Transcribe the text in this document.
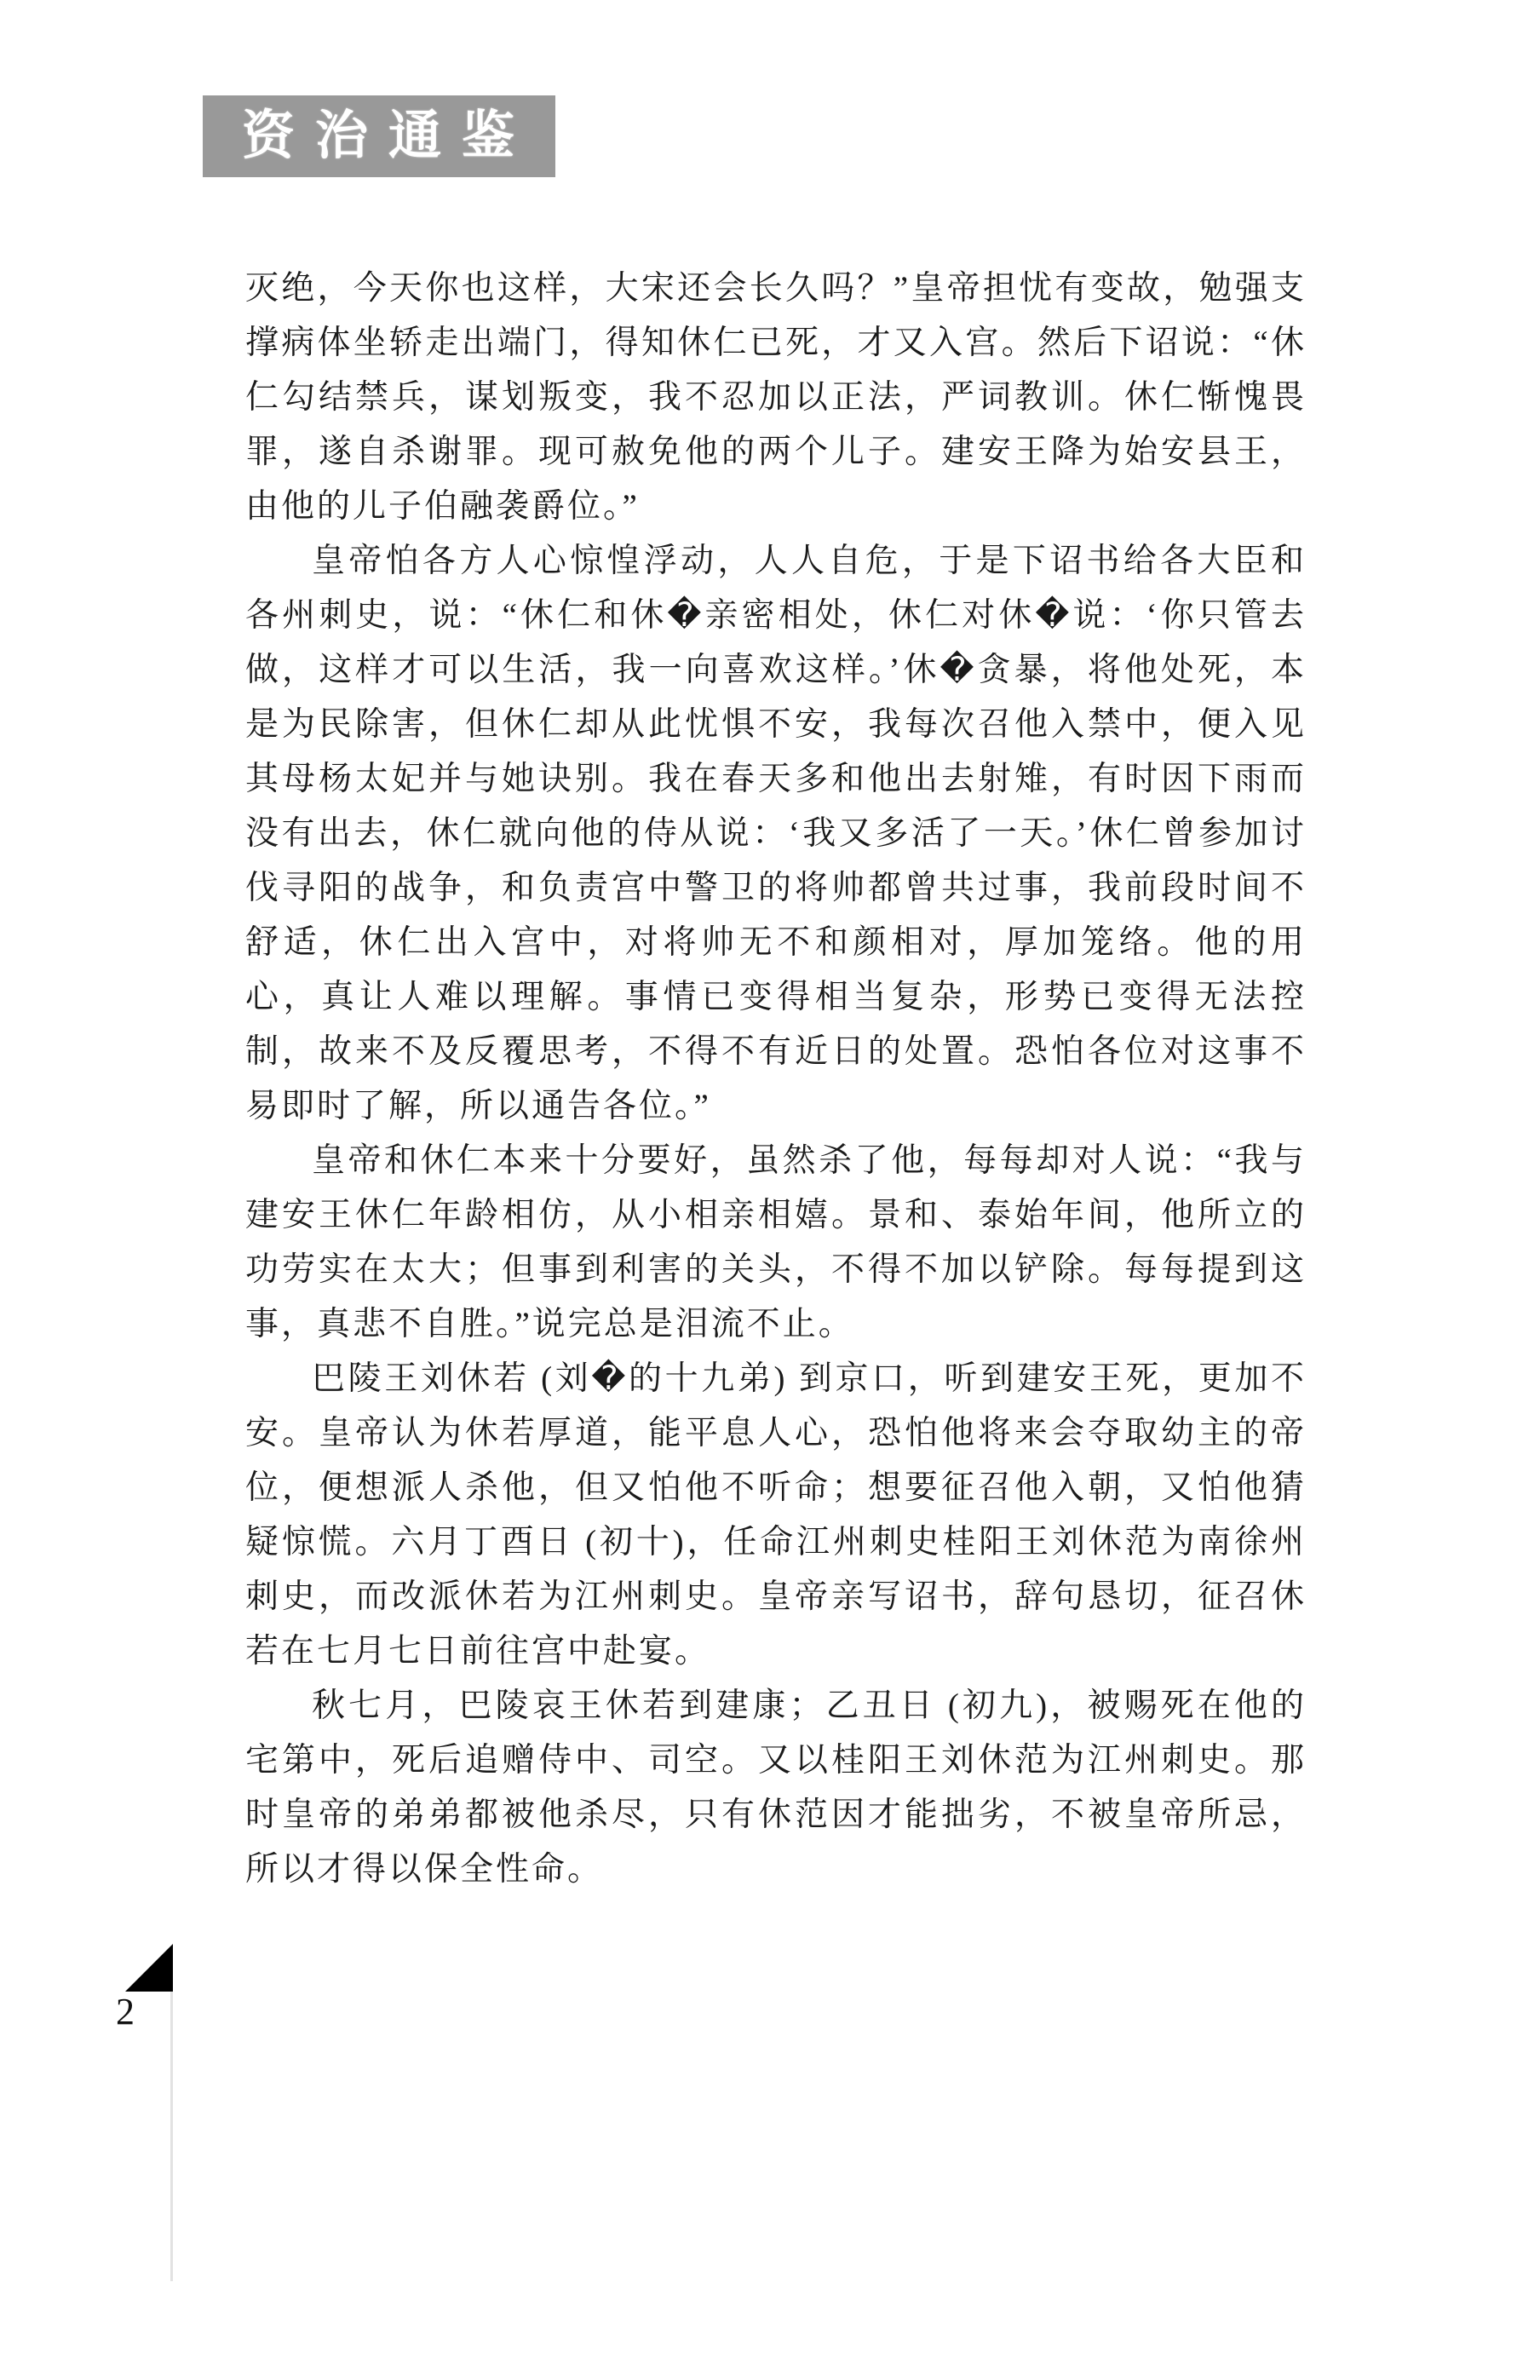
资治通鉴

灭绝，今天你也这样，大宋还会长久吗？”皇帝担忧有变故，勉强支撑病体坐轿走出端门，得知休仁已死，才又入宫。然后下诏说：“休仁勾结禁兵，谋划叛变，我不忍加以正法，严词教训。休仁惭愧畏罪，遂自杀谢罪。现可赦免他的两个儿子。建安王降为始安县王，由他的儿子伯融袭爵位。”

皇帝怕各方人心惊惶浮动，人人自危，于是下诏书给各大臣和各州刺史，说：“休仁和休�亲密相处，休仁对休�说：‘你只管去做，这样才可以生活，我一向喜欢这样。’休�贪暴，将他处死，本是为民除害，但休仁却从此忧惧不安，我每次召他入禁中，便入见其母杨太妃并与她诀别。我在春天多和他出去射雉，有时因下雨而没有出去，休仁就向他的侍从说：‘我又多活了一天。’休仁曾参加讨伐寻阳的战争，和负责宫中警卫的将帅都曾共过事，我前段时间不舒适，休仁出入宫中，对将帅无不和颜相对，厚加笼络。他的用心，真让人难以理解。事情已变得相当复杂，形势已变得无法控制，故来不及反覆思考，不得不有近日的处置。恐怕各位对这事不易即时了解，所以通告各位。”

皇帝和休仁本来十分要好，虽然杀了他，每每却对人说：“我与建安王休仁年龄相仿，从小相亲相嬉。景和、泰始年间，他所立的功劳实在太大；但事到利害的关头，不得不加以铲除。每每提到这事，真悲不自胜。”说完总是泪流不止。

巴陵王刘休若 (刘�的十九弟) 到京口，听到建安王死，更加不安。皇帝认为休若厚道，能平息人心，恐怕他将来会夺取幼主的帝位，便想派人杀他，但又怕他不听命；想要征召他入朝，又怕他猜疑惊慌。六月丁酉日 (初十)，任命江州刺史桂阳王刘休范为南徐州刺史，而改派休若为江州刺史。皇帝亲写诏书，辞句恳切，征召休若在七月七日前往宫中赴宴。

秋七月，巴陵哀王休若到建康；乙丑日 (初九)，被赐死在他的宅第中，死后追赠侍中、司空。又以桂阳王刘休范为江州刺史。那时皇帝的弟弟都被他杀尽，只有休范因才能拙劣，不被皇帝所忌，所以才得以保全性命。

2
